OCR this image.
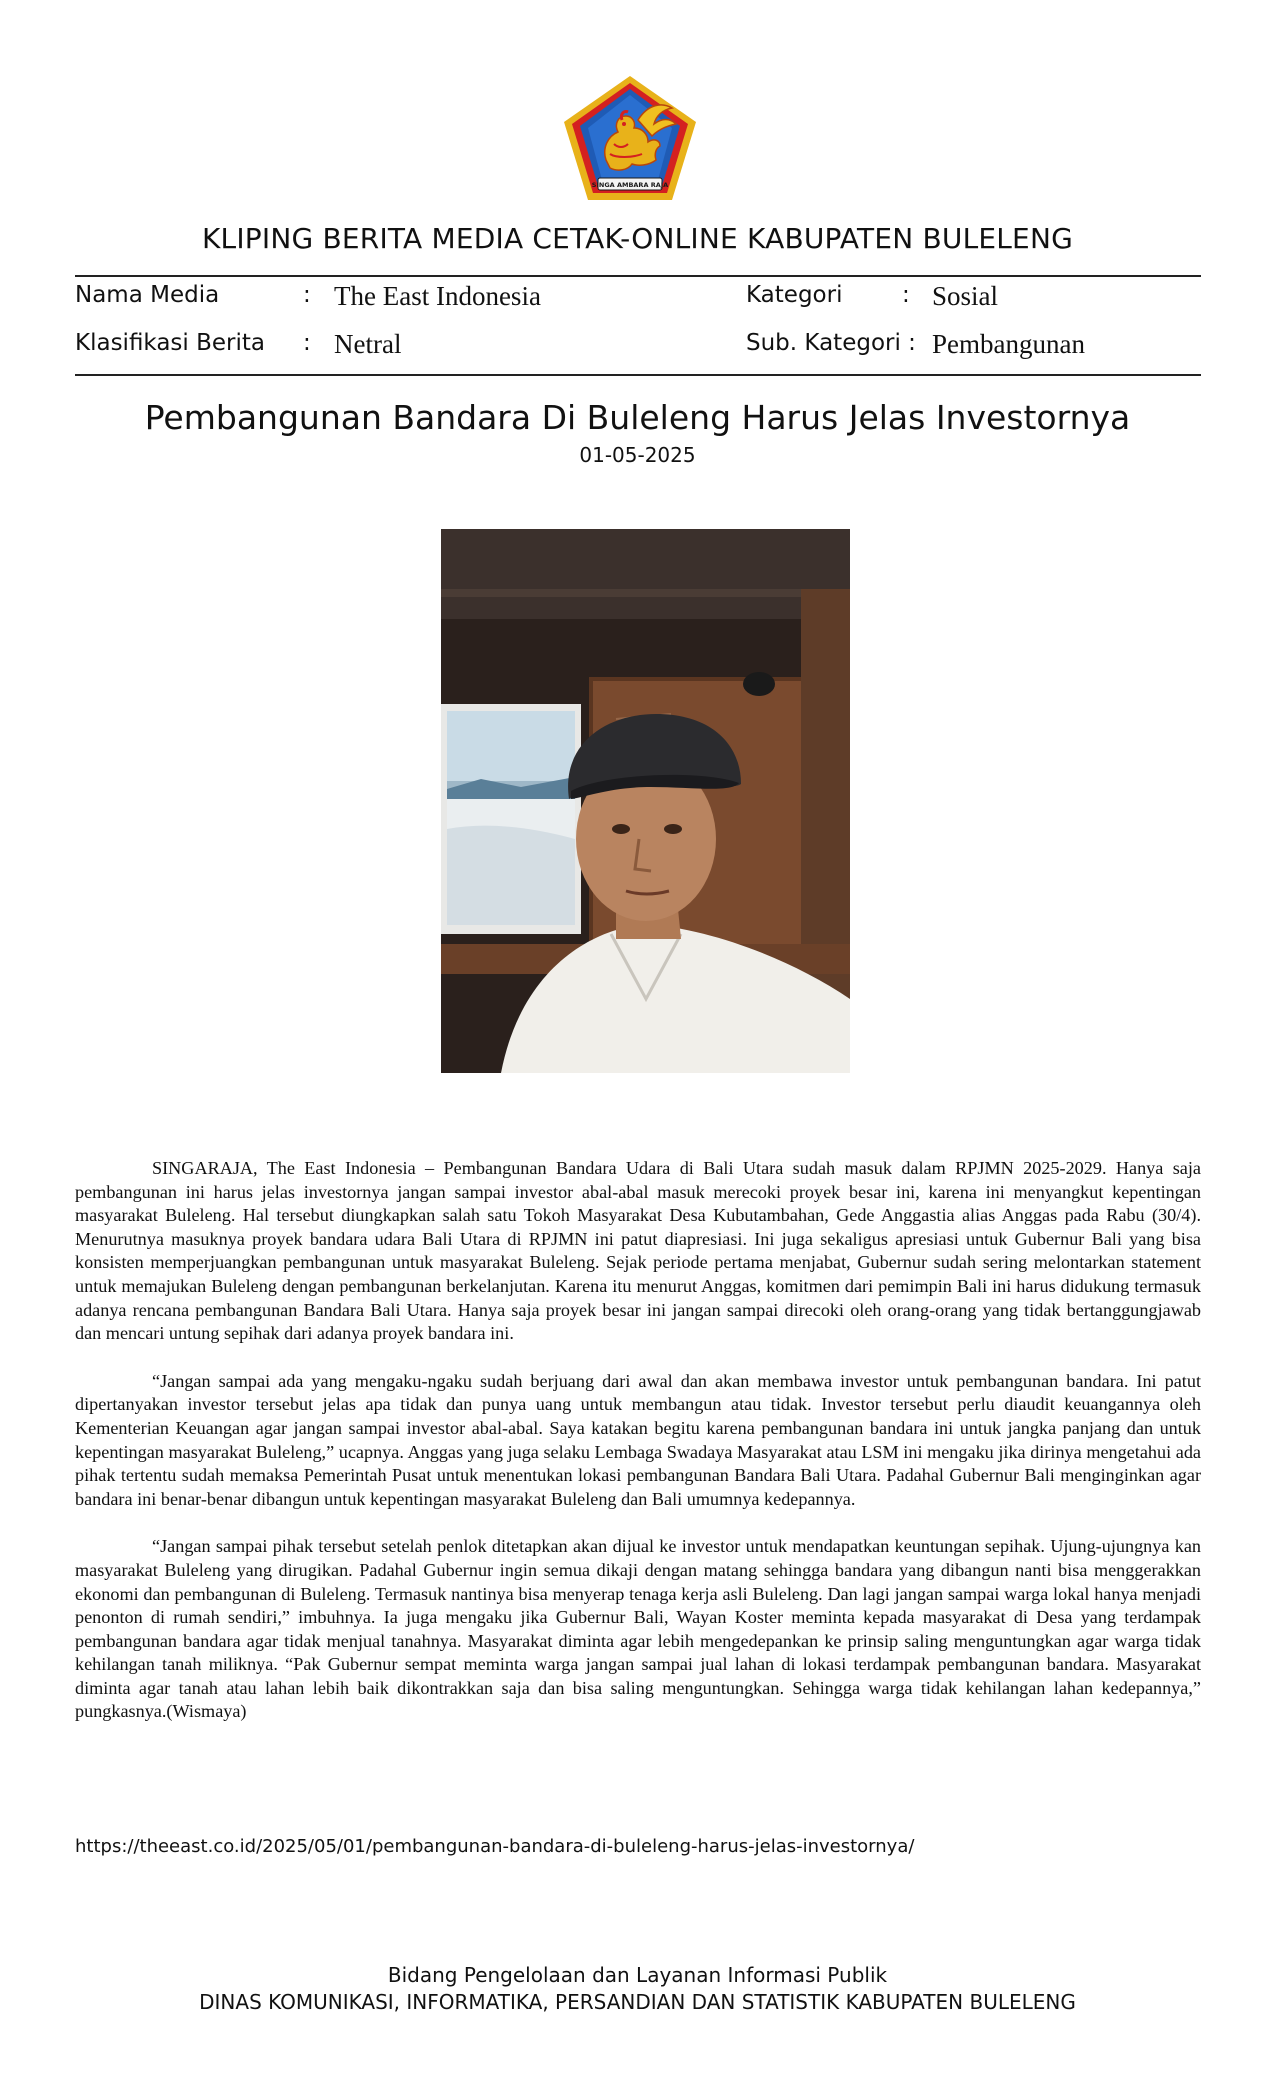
SINGA AMBARA RAJA
KLIPING BERITA MEDIA CETAK-ONLINE KABUPATEN BULELENG
Nama Media	: The East Indonesia	Kategori	: Sosial
Klasifikasi Berita : Netral	Sub. Kategori : Pembangunan
Pembangunan Bandara Di Buleleng Harus Jelas Investornya
01-05-2025

SINGARAJA, The East Indonesia – Pembangunan Bandara Udara di Bali Utara sudah masuk dalam RPJMN 2025-2029. Hanya saja pembangunan ini harus jelas investornya jangan sampai investor abal-abal masuk merecoki proyek besar ini, karena ini menyangkut kepentingan masyarakat Buleleng. Hal tersebut diungkapkan salah satu Tokoh Masyarakat Desa Kubutambahan, Gede Anggastia alias Anggas pada Rabu (30/4). Menurutnya masuknya proyek bandara udara Bali Utara di RPJMN ini patut diapresiasi. Ini juga sekaligus apresiasi untuk Gubernur Bali yang bisa konsisten memperjuangkan pembangunan untuk masyarakat Buleleng. Sejak periode pertama menjabat, Gubernur sudah sering melontarkan statement untuk memajukan Buleleng dengan pembangunan berkelanjutan. Karena itu menurut Anggas, komitmen dari pemimpin Bali ini harus didukung termasuk adanya rencana pembangunan Bandara Bali Utara. Hanya saja proyek besar ini jangan sampai direcoki oleh orang-orang yang tidak bertanggungjawab dan mencari untung sepihak dari adanya proyek bandara ini.

“Jangan sampai ada yang mengaku-ngaku sudah berjuang dari awal dan akan membawa investor untuk pembangunan bandara. Ini patut dipertanyakan investor tersebut jelas apa tidak dan punya uang untuk membangun atau tidak. Investor tersebut perlu diaudit keuangannya oleh Kementerian Keuangan agar jangan sampai investor abal-abal. Saya katakan begitu karena pembangunan bandara ini untuk jangka panjang dan untuk kepentingan masyarakat Buleleng,” ucapnya. Anggas yang juga selaku Lembaga Swadaya Masyarakat atau LSM ini mengaku jika dirinya mengetahui ada pihak tertentu sudah memaksa Pemerintah Pusat untuk menentukan lokasi pembangunan Bandara Bali Utara. Padahal Gubernur Bali menginginkan agar bandara ini benar-benar dibangun untuk kepentingan masyarakat Buleleng dan Bali umumnya kedepannya.

“Jangan sampai pihak tersebut setelah penlok ditetapkan akan dijual ke investor untuk mendapatkan keuntungan sepihak. Ujung-ujungnya kan masyarakat Buleleng yang dirugikan. Padahal Gubernur ingin semua dikaji dengan matang sehingga bandara yang dibangun nanti bisa menggerakkan ekonomi dan pembangunan di Buleleng. Termasuk nantinya bisa menyerap tenaga kerja asli Buleleng. Dan lagi jangan sampai warga lokal hanya menjadi penonton di rumah sendiri,” imbuhnya. Ia juga mengaku jika Gubernur Bali, Wayan Koster meminta kepada masyarakat di Desa yang terdampak pembangunan bandara agar tidak menjual tanahnya. Masyarakat diminta agar lebih mengedepankan ke prinsip saling menguntungkan agar warga tidak kehilangan tanah miliknya. “Pak Gubernur sempat meminta warga jangan sampai jual lahan di lokasi terdampak pembangunan bandara. Masyarakat diminta agar tanah atau lahan lebih baik dikontrakkan saja dan bisa saling menguntungkan. Sehingga warga tidak kehilangan lahan kedepannya,” pungkasnya.(Wismaya)

https://theeast.co.id/2025/05/01/pembangunan-bandara-di-buleleng-harus-jelas-investornya/
Bidang Pengelolaan dan Layanan Informasi Publik
DINAS KOMUNIKASI, INFORMATIKA, PERSANDIAN DAN STATISTIK KABUPATEN BULELENG
